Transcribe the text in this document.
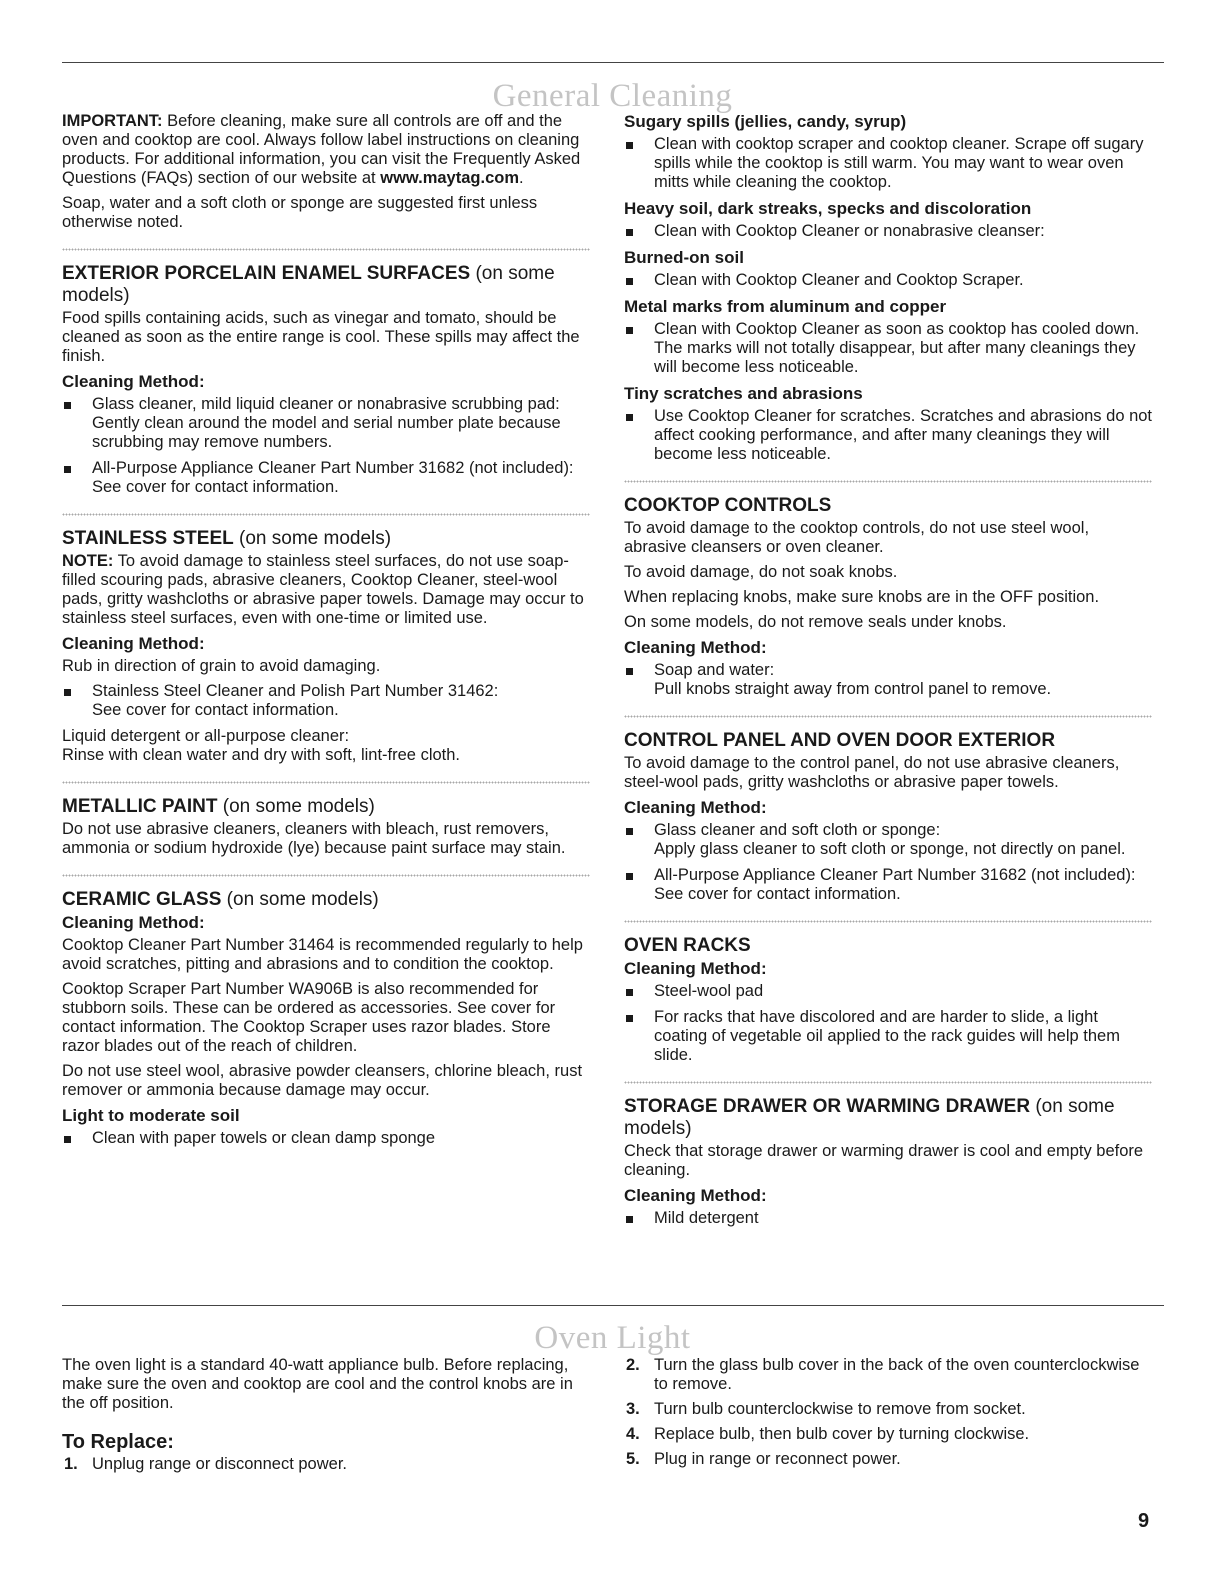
General Cleaning

IMPORTANT: Before cleaning, make sure all controls are off and the oven and cooktop are cool. Always follow label instructions on cleaning products. For additional information, you can visit the Frequently Asked Questions (FAQs) section of our website at www.maytag.com.

Soap, water and a soft cloth or sponge are suggested first unless otherwise noted.

EXTERIOR PORCELAIN ENAMEL SURFACES (on some models)

Food spills containing acids, such as vinegar and tomato, should be cleaned as soon as the entire range is cool. These spills may affect the finish.

Cleaning Method:
Glass cleaner, mild liquid cleaner or nonabrasive scrubbing pad:
Gently clean around the model and serial number plate because scrubbing may remove numbers.
All-Purpose Appliance Cleaner Part Number 31682 (not included):
See cover for contact information.
STAINLESS STEEL (on some models)

NOTE: To avoid damage to stainless steel surfaces, do not use soap-filled scouring pads, abrasive cleaners, Cooktop Cleaner, steel-wool pads, gritty washcloths or abrasive paper towels. Damage may occur to stainless steel surfaces, even with one-time or limited use.

Cleaning Method:

Rub in direction of grain to avoid damaging.

Stainless Steel Cleaner and Polish Part Number 31462:
See cover for contact information.

Liquid detergent or all-purpose cleaner:
Rinse with clean water and dry with soft, lint-free cloth.

METALLIC PAINT (on some models)

Do not use abrasive cleaners, cleaners with bleach, rust removers, ammonia or sodium hydroxide (lye) because paint surface may stain.

CERAMIC GLASS (on some models)
Cleaning Method:

Cooktop Cleaner Part Number 31464 is recommended regularly to help avoid scratches, pitting and abrasions and to condition the cooktop.

Cooktop Scraper Part Number WA906B is also recommended for stubborn soils. These can be ordered as accessories. See cover for contact information. The Cooktop Scraper uses razor blades. Store razor blades out of the reach of children.

Do not use steel wool, abrasive powder cleansers, chlorine bleach, rust remover or ammonia because damage may occur.

Light to moderate soil
Clean with paper towels or clean damp sponge
Sugary spills (jellies, candy, syrup)
Clean with cooktop scraper and cooktop cleaner. Scrape off sugary spills while the cooktop is still warm. You may want to wear oven mitts while cleaning the cooktop.
Heavy soil, dark streaks, specks and discoloration
Clean with Cooktop Cleaner or nonabrasive cleanser:
Burned-on soil
Clean with Cooktop Cleaner and Cooktop Scraper.
Metal marks from aluminum and copper
Clean with Cooktop Cleaner as soon as cooktop has cooled down. The marks will not totally disappear, but after many cleanings they will become less noticeable.
Tiny scratches and abrasions
Use Cooktop Cleaner for scratches. Scratches and abrasions do not affect cooking performance, and after many cleanings they will become less noticeable.
COOKTOP CONTROLS

To avoid damage to the cooktop controls, do not use steel wool, abrasive cleansers or oven cleaner.

To avoid damage, do not soak knobs.

When replacing knobs, make sure knobs are in the OFF position.

On some models, do not remove seals under knobs.

Cleaning Method:
Soap and water:
Pull knobs straight away from control panel to remove.
CONTROL PANEL AND OVEN DOOR EXTERIOR

To avoid damage to the control panel, do not use abrasive cleaners, steel-wool pads, gritty washcloths or abrasive paper towels.

Cleaning Method:
Glass cleaner and soft cloth or sponge:
Apply glass cleaner to soft cloth or sponge, not directly on panel.
All-Purpose Appliance Cleaner Part Number 31682 (not included):
See cover for contact information.
OVEN RACKS
Cleaning Method:
Steel-wool pad
For racks that have discolored and are harder to slide, a light coating of vegetable oil applied to the rack guides will help them slide.
STORAGE DRAWER OR WARMING DRAWER (on some models)

Check that storage drawer or warming drawer is cool and empty before cleaning.

Cleaning Method:
Mild detergent
Oven Light

The oven light is a standard 40-watt appliance bulb. Before replacing, make sure the oven and cooktop are cool and the control knobs are in the off position.

To Replace:
1. Unplug range or disconnect power.
2. Turn the glass bulb cover in the back of the oven counterclockwise to remove.
3. Turn bulb counterclockwise to remove from socket.
4. Replace bulb, then bulb cover by turning clockwise.
5. Plug in range or reconnect power.
9
